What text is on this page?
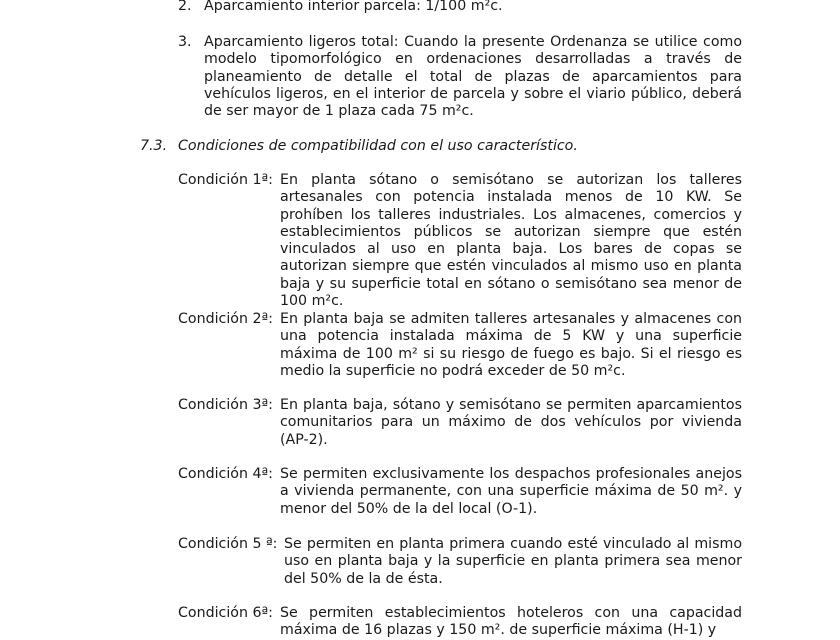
2. Aparcamiento interior parcela: 1/100 m²c.
3. Aparcamiento ligeros total: Cuando la presente Ordenanza se utilice como modelo tipomorfológico en ordenaciones desarrolladas a través de planeamiento de detalle el total de plazas de aparcamientos para vehículos ligeros, en el interior de parcela y sobre el viario público, deberá de ser mayor de 1 plaza cada 75 m²c.
7.3. Condiciones de compatibilidad con el uso característico.
Condición 1ª: En planta sótano o semisótano se autorizan los talleres artesanales con potencia instalada menos de 10 KW. Se prohíben los talleres industriales. Los almacenes, comercios y establecimientos públicos se autorizan siempre que estén vinculados al uso en planta baja. Los bares de copas se autorizan siempre que estén vinculados al mismo uso en planta baja y su superficie total en sótano o semisótano sea menor de 100 m²c.
Condición 2ª: En planta baja se admiten talleres artesanales y almacenes con una potencia instalada máxima de 5 KW y una superficie máxima de 100 m² si su riesgo de fuego es bajo. Si el riesgo es medio la superficie no podrá exceder de 50 m²c.
Condición 3ª: En planta baja, sótano y semisótano se permiten aparcamientos comunitarios para un máximo de dos vehículos por vivienda (AP-2).
Condición 4ª: Se permiten exclusivamente los despachos profesionales anejos a vivienda permanente, con una superficie máxima de 50 m². y menor del 50% de la del local (O-1).
Condición 5 ª: Se permiten en planta primera cuando esté vinculado al mismo uso en planta baja y la superficie en planta primera sea menor del 50% de la de ésta.
Condición 6ª: Se permiten establecimientos hoteleros con una capacidad máxima de 16 plazas y 150 m². de superficie máxima (H-1) y
